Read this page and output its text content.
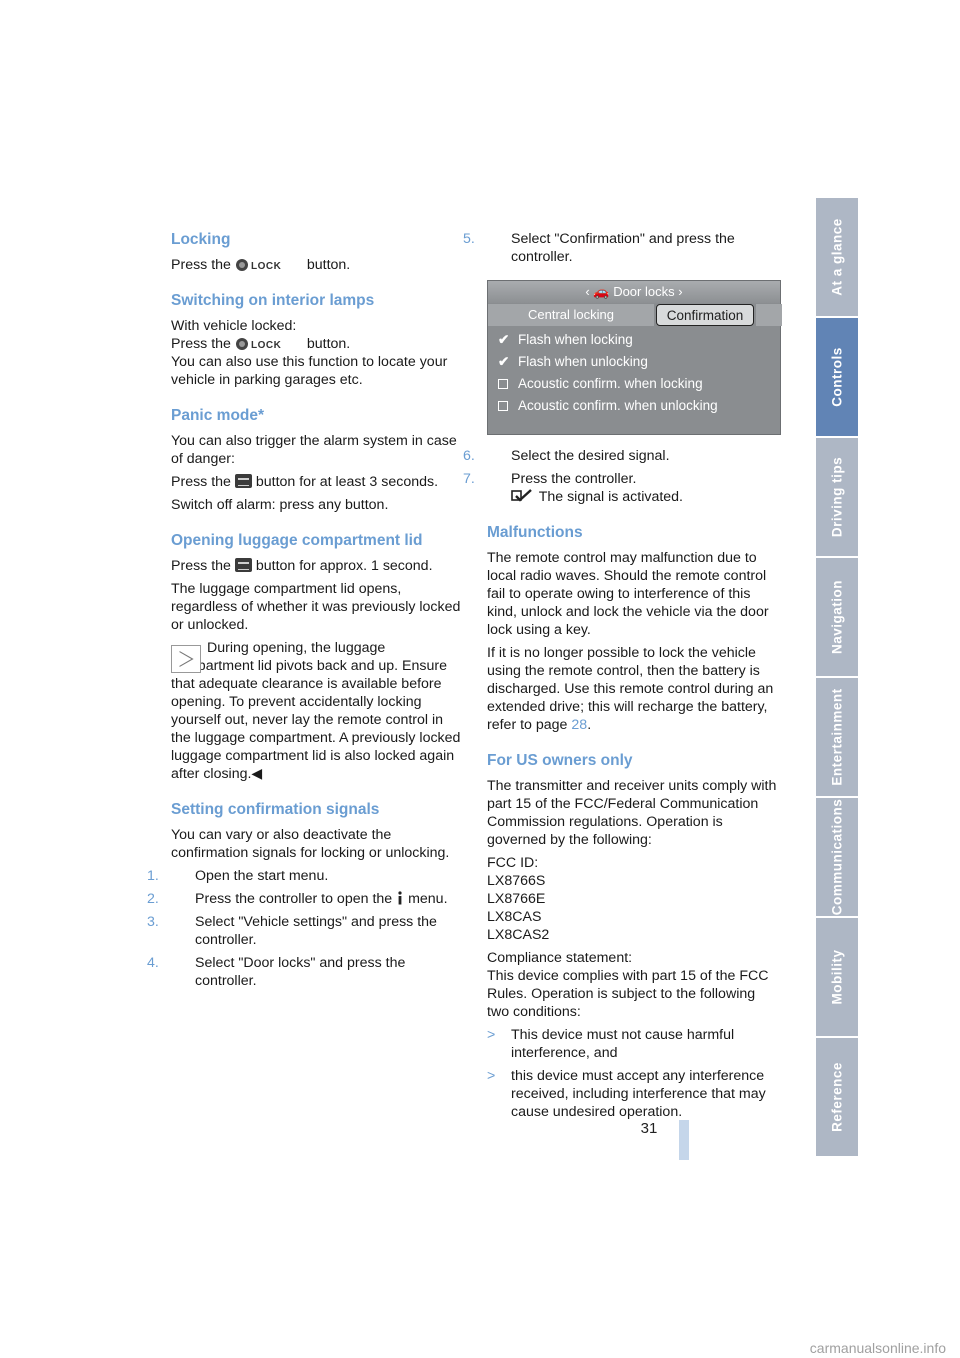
Locking

Press the LOCK button.

Switching on interior lamps

With vehicle locked:
Press the LOCK button.
You can also use this function to locate your vehicle in parking garages etc.

Panic mode*

You can also trigger the alarm system in case of danger:

Press the button for at least 3 seconds.

Switch off alarm: press any button.

Opening luggage compartment lid

Press the button for approx. 1 second.

The luggage compartment lid opens, regardless of whether it was previously locked or unlocked.

During opening, the luggage compartment lid pivots back and up. Ensure that adequate clearance is available before opening. To prevent accidentally locking yourself out, never lay the remote control in the luggage compartment. A previously locked luggage compartment lid is also locked again after closing.◀

Setting confirmation signals

You can vary or also deactivate the confirmation signals for locking or unlocking.

1.	Open the start menu.

2.	Press the controller to open the menu.

3.	Select "Vehicle settings" and press the controller.

4.	Select "Door locks" and press the controller.

5.	Select "Confirmation" and press the controller.

‹ 🚗 Door locks ›
Central locking	Confirmation
✔ Flash when locking
✔ Flash when unlocking
Acoustic confirm. when locking
Acoustic confirm. when unlocking

6.	Select the desired signal.

7.	Press the controller.

The signal is activated.

Malfunctions

The remote control may malfunction due to local radio waves. Should the remote control fail to operate owing to interference of this kind, unlock and lock the vehicle via the door lock using a key.

If it is no longer possible to lock the vehicle using the remote control, then the battery is discharged. Use this remote control during an extended drive; this will recharge the battery, refer to page 28.

For US owners only

The transmitter and receiver units comply with part 15 of the FCC/Federal Communication Commission regulations. Operation is governed by the following:

FCC ID:
LX8766S
LX8766E
LX8CAS
LX8CAS2

Compliance statement:
This device complies with part 15 of the FCC Rules. Operation is subject to the following two conditions:

> This device must not cause harmful interference, and

> this device must accept any interference received, including interference that may cause undesired operation.

At a glance
Controls
Driving tips
Navigation
Entertainment
Communications
Mobility
Reference
31
carmanualsonline.info
